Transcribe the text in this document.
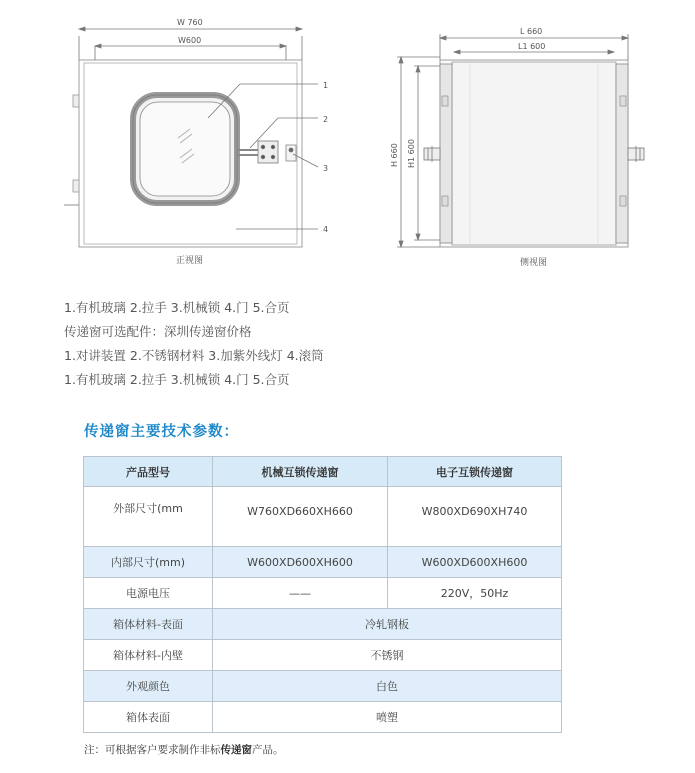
W 760
W600
1
2
3
4
正视图
L 660
L1 600
H 660 H1 600
侧视图
1.有机玻璃 2.拉手 3.机械锁 4.门 5.合页
传递窗可选配件：深圳传递窗价格
1.对讲装置 2.不锈钢材料 3.加紫外线灯 4.滚筒
1.有机玻璃 2.拉手 3.机械锁 4.门 5.合页
传递窗主要技术参数：
产品型号	机械互锁传递窗	电子互锁传递窗
外部尺寸(mm	W760XD660XH660	W800XD690XH740
内部尺寸(mm)	W600XD600XH600	W600XD600XH600
电源电压	——	220V，50Hz
箱体材料-表面	冷轧钢板	
箱体材料-内壁	不锈钢	
外观颜色	白色	
箱体表面	喷塑	
注：可根据客户要求制作非标传递窗产品。
